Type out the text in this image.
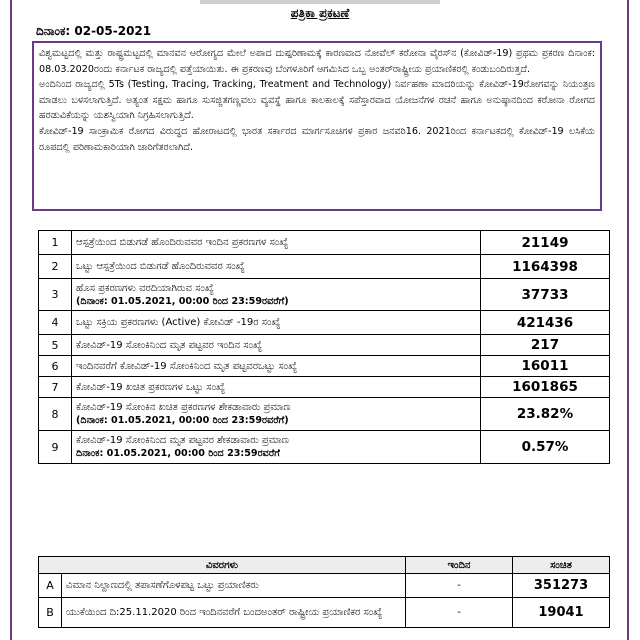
ಪತ್ರಿಕಾ ಪ್ರಕಟಣೆ
ದಿನಾಂಕ: 02-05-2021

ವಿಶ್ವಮಟ್ಟದಲ್ಲಿ ಮತ್ತು ರಾಷ್ಟ್ರಮಟ್ಟದಲ್ಲಿ ಮಾನವನ ಆರೋಗ್ಯದ ಮೇಲೆ ಅಪಾದ ದುಷ್ಪರಿಣಾಮಕ್ಕೆ ಕಾರಣವಾದ ನೋವೆಲ್ ಕರೋನಾ ವೈರಸ್‌ನ (ಕೋವಿಡ್-19) ಪ್ರಥಮ ಪ್ರಕರಣ ದಿನಾಂಕ: 08.03.2020ರಂದು ಕರ್ನಾಟಕ ರಾಜ್ಯದಲ್ಲಿ ಪತ್ತೆಯಾಯಿತು. ಈ ಪ್ರಕರಣವು ಬೆಂಗಳೂರಿಗೆ ಆಗಮಿಸಿದ ಒಬ್ಬ ಅಂತರ್‌ರಾಷ್ಟ್ರೀಯ ಪ್ರಯಾಣಿಕರಲ್ಲಿ ಕಂಡುಬಂದಿರುತ್ತದೆ.

ಅಂದಿನಿಂದ ರಾಜ್ಯದಲ್ಲಿ 5Ts (Testing, Tracing, Tracking, Treatment and Technology) ನಿರ್ವಹಣಾ ಮಾದರಿಯನ್ನು ಕೋವಿಡ್-19ರೋಗವನ್ನು ನಿಯಂತ್ರಣ ಮಾಡಲು ಬಳಸಲಾಗುತ್ತಿದೆ. ಅತ್ಯಂತ ಸಕ್ಷಮ ಹಾಗೂ ಸುಸಜ್ಜಿತಗಣ್ಣವಲು ವ್ಯವಸ್ಥೆ ಹಾಗೂ ಕಾಲಕಾಲಕ್ಕೆ ಸಪೆಸ್ತಾರವಾದ ಯೋಜನೆಗಳ ರಚನೆ ಹಾಗೂ ಅನುಷ್ಠಾನದಿಂದ ಕರೋನಾ ರೋಗದ ಹರಡುವಿಕೆಯನ್ನು ಯಶಸ್ವಿಯಾಗಿ ನಿಗ್ರಹಿಸಲಾಗುತ್ತಿದೆ.

ಕೋವಿಡ್-19 ಸಾಂಕ್ರಾಮಿಕ ರೋಗದ ವಿರುದ್ಧದ ಹೋರಾಟದಲ್ಲಿ ಭಾರತ ಸರ್ಕಾರದ ಮಾರ್ಗಸೂಚಿಗಳ ಪ್ರಕಾರ ಜನವರಿ16. 2021ರಿಂದ ಕರ್ನಾಟಕದಲ್ಲಿ ಕೋವಿಡ್-19 ಲಸಿಕೆಯ ರೂಪದಲ್ಲಿ ಪರಿಣಾಮಕಾರಿಯಾಗಿ ಜಾರಿಗೆತರಲಾಗಿದೆ.

1	ಆಸ್ಪತ್ರೆಯಿಂದ ಬಿಡುಗಡೆ ಹೊಂದಿರುವವರ ಇಂದಿನ ಪ್ರಕರಣಗಳ ಸಂಖ್ಯೆ	21149
2	ಒಟ್ಟು ಆಸ್ಪತ್ರೆಯಿಂದ ಬಿಡುಗಡೆ ಹೊಂದಿರುವವರ ಸಂಖ್ಯೆ	1164398
3	ಹೊಸ ಪ್ರಕರಣಗಳು ವರದಿಯಾಗಿರುವ ಸಂಖ್ಯೆ
(ದಿನಾಂಕ: 01.05.2021, 00:00 ರಿಂದ 23:59ರವರೆಗೆ)	37733
4	ಒಟ್ಟು ಸಕ್ರಿಯ ಪ್ರಕರಣಗಳು (Active) ಕೋವಿಡ್ -19ರ ಸಂಖ್ಯೆ	421436
5	ಕೋವಿಡ್-19 ಸೋಂಕಿನಿಂದ ಮೃತ ಪಟ್ಟವರ ಇಂದಿನ ಸಂಖ್ಯೆ	217
6	ಇಂದಿನವರೆಗೆ ಕೋವಿಡ್-19 ಸೋಂಕಿನಿಂದ ಮೃತ ಪಟ್ಟವರಒಟ್ಟು ಸಂಖ್ಯೆ	16011
7	ಕೋವಿಡ್-19 ಖಚಿತ ಪ್ರಕರಣಗಳ ಒಟ್ಟು ಸಂಖ್ಯೆ	1601865
8	ಕೋವಿಡ್-19 ಸೋಂಕಿನ ಖಚಿತ ಪ್ರಕರಣಗಳ ಶೇಕಡಾವಾರು ಪ್ರಮಾಣ
(ದಿನಾಂಕ: 01.05.2021, 00:00 ರಿಂದ 23:59ರವರೆಗೆ)	23.82%
9	ಕೋವಿಡ್-19 ಸೋಂಕಿನಿಂದ ಮೃತ ಪಟ್ಟವರ ಶೇಕಡಾವಾರು ಪ್ರಮಾಣ
ದಿನಾಂಕ: 01.05.2021, 00:00 ರಿಂದ 23:59ರವರೆಗೆ	0.57%
ವಿವರಗಳು		ಇಂದಿನ	ಸಂಚಿತ
A	ವಿಮಾನ ನಿಲ್ದಾಣದಲ್ಲಿ ತಪಾಸಣೆಗೊಳಪಟ್ಟ ಒಟ್ಟು ಪ್ರಯಾಣಿಕರು	-	351273
B	ಯುಕೆಯಿಂದ ದಿ:25.11.2020 ರಿಂದ ಇಂದಿನವರೆಗೆ ಬಂದಅಂತರ್ ರಾಷ್ಟ್ರೀಯ ಪ್ರಯಾಣಿಕರ ಸಂಖ್ಯೆ	-	19041
